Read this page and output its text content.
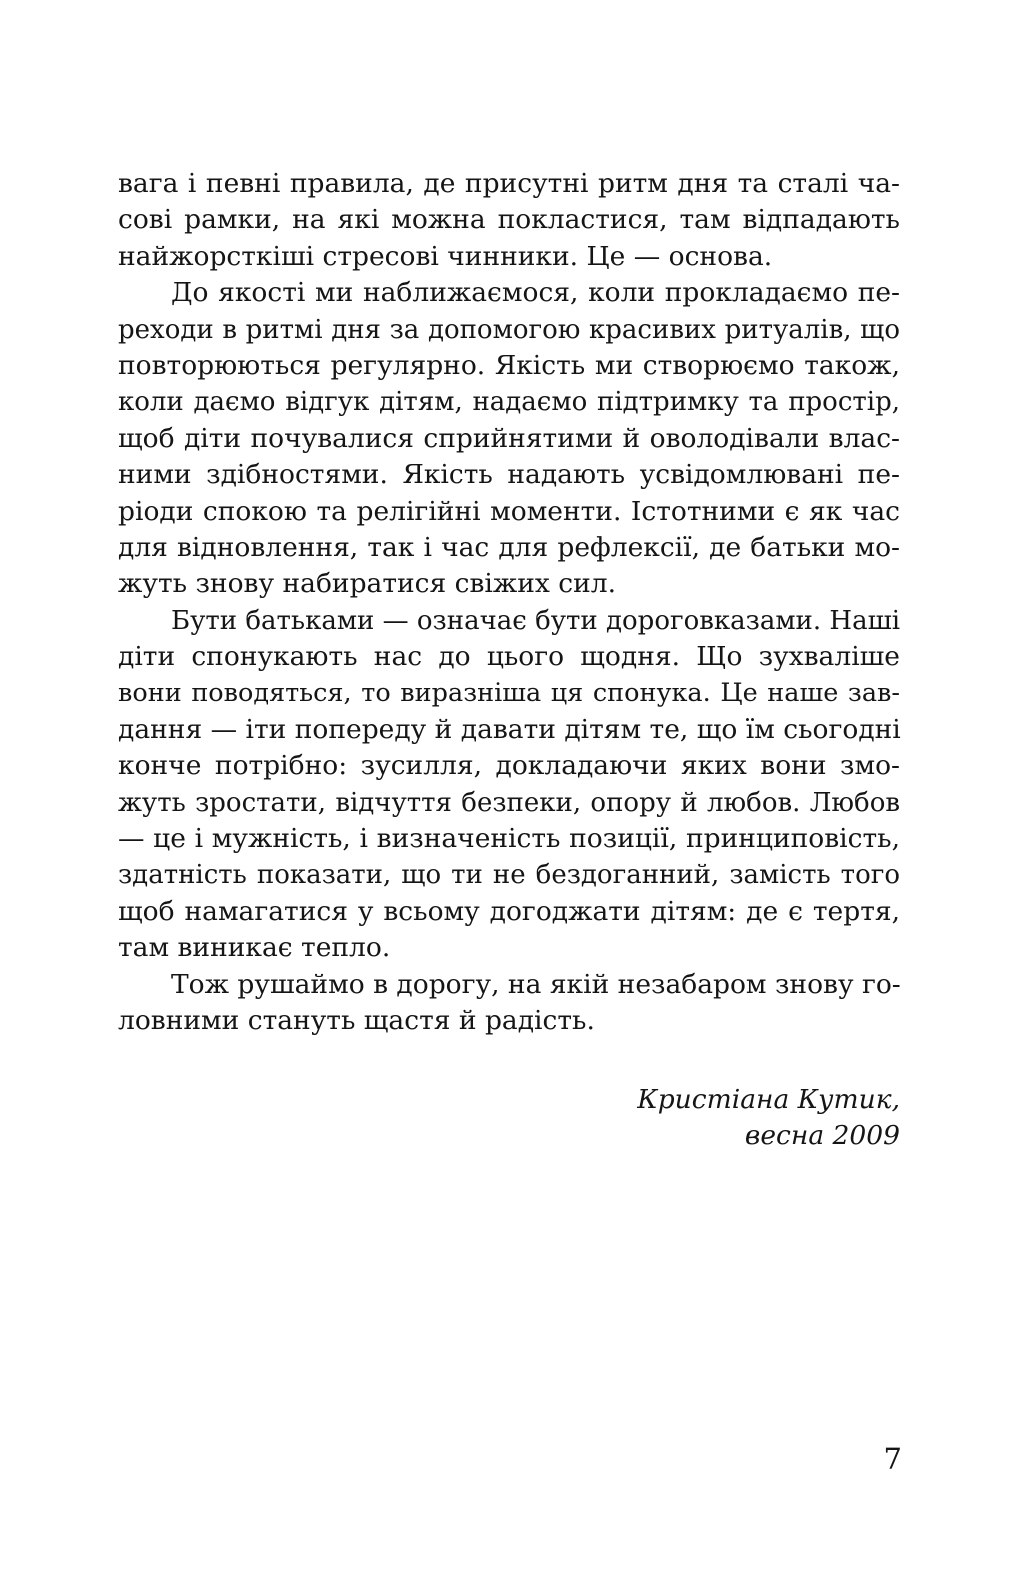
вага і певні правила, де присутні ритм дня та сталі ча-
сові рамки, на які можна покластися, там відпадають
найжорсткіші стресові чинники. Це — основа.
До якості ми наближаємося, коли прокладаємо пе-
реходи в ритмі дня за допомогою красивих ритуалів, що
повторюються регулярно. Якість ми створюємо також,
коли даємо відгук дітям, надаємо підтримку та простір,
щоб діти почувалися сприйнятими й оволодівали влас-
ними здібностями. Якість надають усвідомлювані пе-
ріоди спокою та релігійні моменти. Істотними є як час
для відновлення, так і час для рефлексії, де батьки мо-
жуть знову набиратися свіжих сил.
Бути батьками — означає бути дороговказами. Наші
діти спонукають нас до цього щодня. Що зухваліше
вони поводяться, то виразніша ця спонука. Це наше зав-
дання — іти попереду й давати дітям те, що їм сьогодні
конче потрібно: зусилля, докладаючи яких вони змо-
жуть зростати, відчуття безпеки, опору й любов. Любов
— це і мужність, і визначеність позиції, принциповість,
здатність показати, що ти не бездоганний, замість того
щоб намагатися у всьому догоджати дітям: де є тертя,
там виникає тепло.
Тож рушаймо в дорогу, на якій незабаром знову го-
ловними стануть щастя й радість.
Кристіана Кутик,
весна 2009
7
